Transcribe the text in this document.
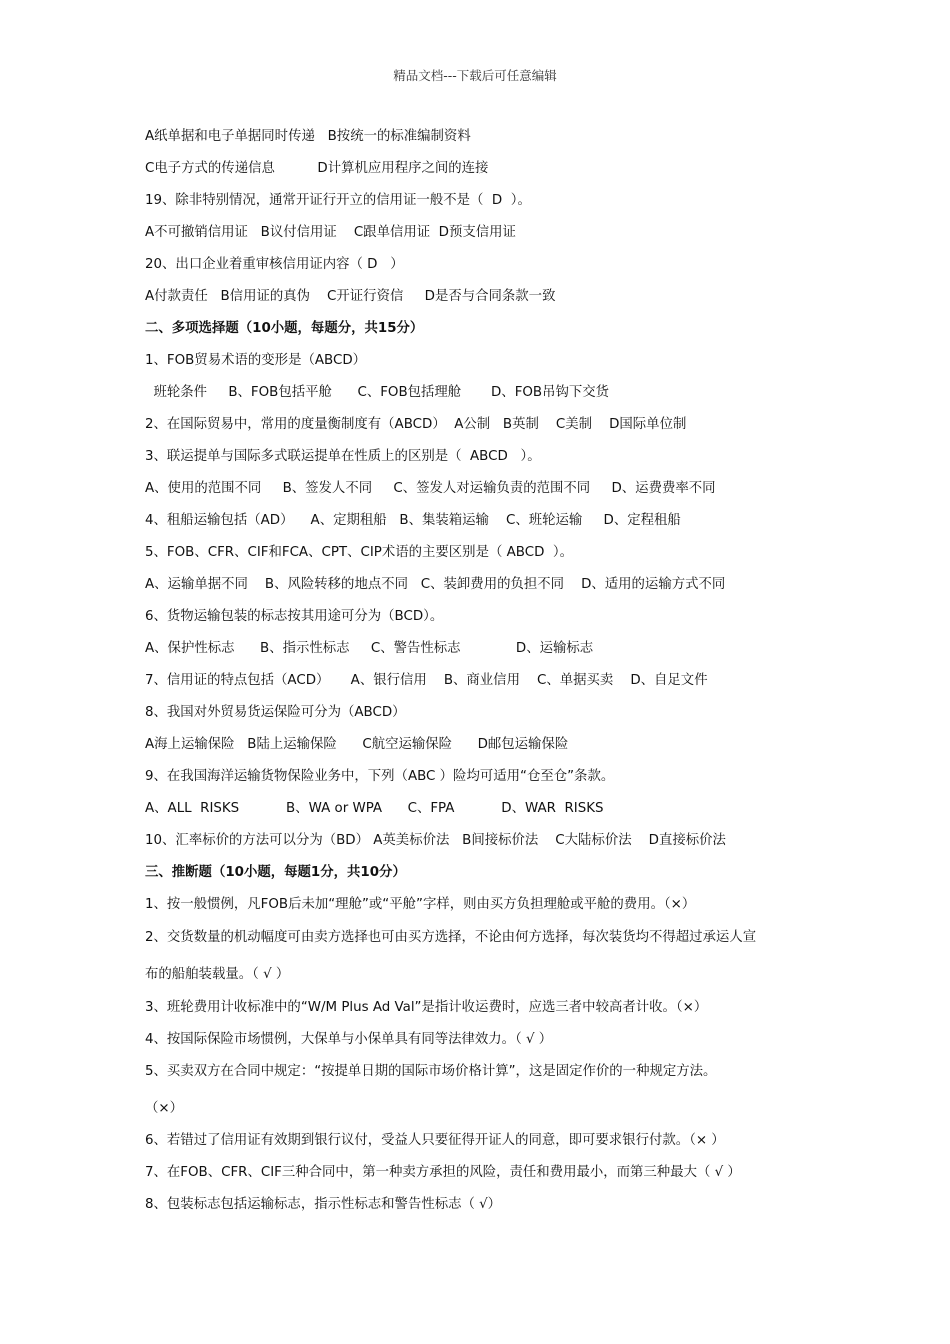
精品文档---下载后可任意编辑
A纸单据和电子单据同时传递   B按统一的标准编制资料
C电子方式的传递信息          D计算机应用程序之间的连接
19、除非特别情况，通常开证行开立的信用证一般不是（  D  ）。
A不可撤销信用证   B议付信用证    C跟单信用证  D预支信用证
20、出口企业着重审核信用证内容（ D   ）
A付款责任   B信用证的真伪    C开证行资信     D是否与合同条款一致
二、多项选择题（10小题，每题分，共15分）
1、FOB贸易术语的变形是（ABCD）
班轮条件     B、FOB包括平舱      C、FOB包括理舱       D、FOB吊钩下交货
2、在国际贸易中，常用的度量衡制度有（ABCD）  A公制   B英制    C美制    D国际单位制
3、联运提单与国际多式联运提单在性质上的区别是（  ABCD   ）。
A、使用的范围不同     B、签发人不同     C、签发人对运输负责的范围不同     D、运费费率不同
4、租船运输包括（AD）    A、定期租船   B、集装箱运输    C、班轮运输     D、定程租船
5、FOB、CFR、CIF和FCA、CPT、CIP术语的主要区别是（ ABCD  ）。
A、运输单据不同    B、风险转移的地点不同   C、装卸费用的负担不同    D、适用的运输方式不同
6、货物运输包装的标志按其用途可分为（BCD）。
A、保护性标志      B、指示性标志     C、警告性标志             D、运输标志
7、信用证的特点包括（ACD）     A、银行信用    B、商业信用    C、单据买卖    D、自足文件
8、我国对外贸易货运保险可分为（ABCD）
A海上运输保险   B陆上运输保险      C航空运输保险      D邮包运输保险
9、在我国海洋运输货物保险业务中，下列（ABC ）险均可适用“仓至仓”条款。
A、ALL  RISKS           B、WA or WPA      C、FPA           D、WAR  RISKS
10、汇率标价的方法可以分为（BD） A英美标价法   B间接标价法    C大陆标价法    D直接标价法
三、推断题（10小题，每题1分，共10分）
1、按一般惯例，凡FOB后未加“理舱”或“平舱”字样，则由买方负担理舱或平舱的费用。（×）
2、交货数量的机动幅度可由卖方选择也可由买方选择，不论由何方选择，每次装货均不得超过承运人宣
布的船舶装载量。（ √ ）
3、班轮费用计收标准中的“W/M Plus Ad Val”是指计收运费时，应选三者中较高者计收。（×）
4、按国际保险市场惯例，大保单与小保单具有同等法律效力。（ √ ）
5、买卖双方在合同中规定：“按提单日期的国际市场价格计算”，这是固定作价的一种规定方法。
（×）
6、若错过了信用证有效期到银行议付，受益人只要征得开证人的同意，即可要求银行付款。（× ）
7、在FOB、CFR、CIF三种合同中，第一种卖方承担的风险，责任和费用最小，而第三种最大（ √ ）
8、包装标志包括运输标志，指示性标志和警告性标志（ √）
